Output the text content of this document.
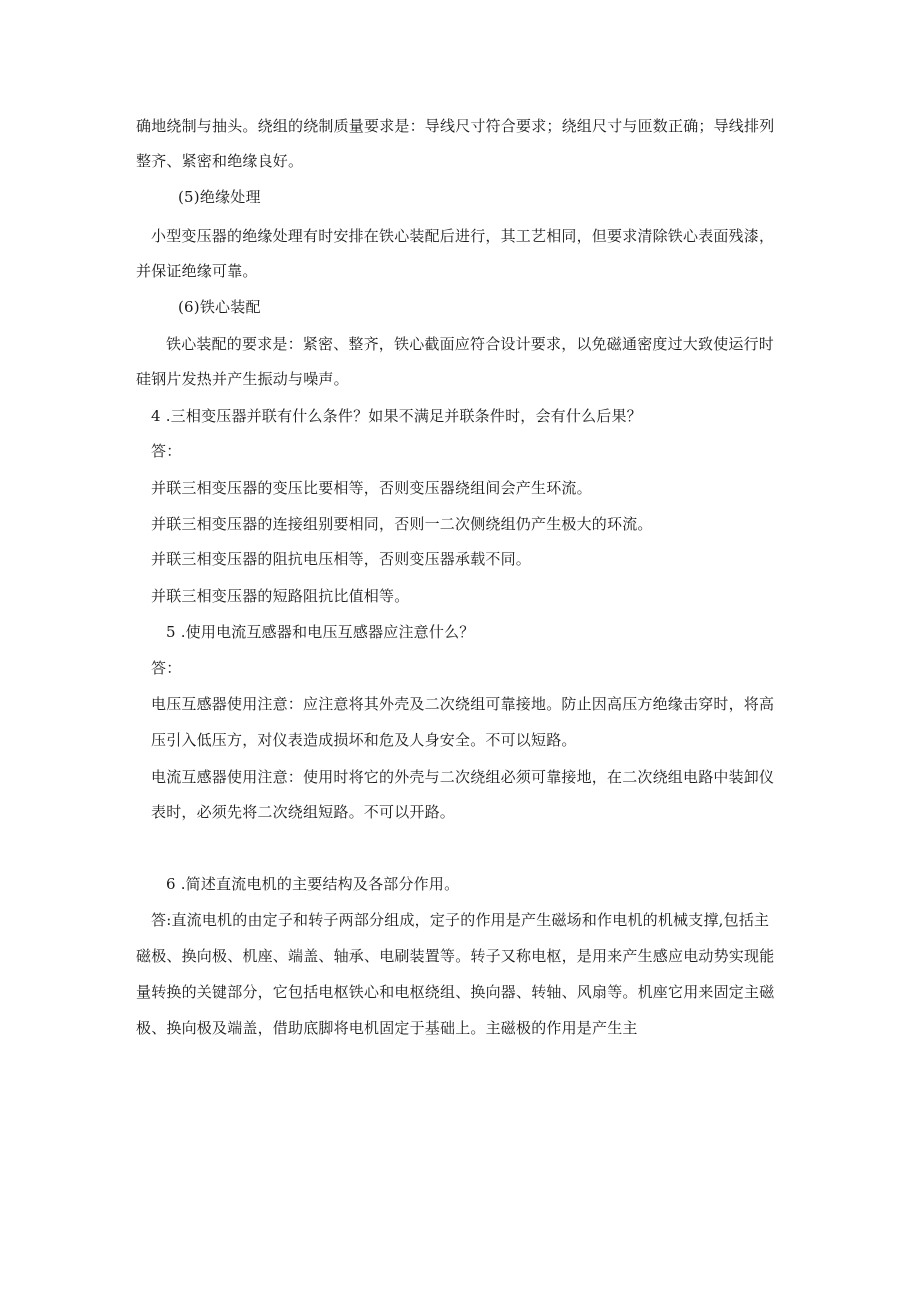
确地绕制与抽头。绕组的绕制质量要求是：导线尺寸符合要求；绕组尺寸与匝数正确；导线排列

整齐、紧密和绝缘良好。

(5)绝缘处理

小型变压器的绝缘处理有时安排在铁心装配后进行，其工艺相同，但要求清除铁心表面残漆，

并保证绝缘可靠。

(6)铁心装配

铁心装配的要求是：紧密、整齐，铁心截面应符合设计要求，以免磁通密度过大致使运行时

硅钢片发热并产生振动与噪声。

4 .三相变压器并联有什么条件？如果不满足并联条件时，会有什么后果？

答：

并联三相变压器的变压比要相等，否则变压器绕组间会产生环流。

并联三相变压器的连接组别要相同，否则一二次侧绕组仍产生极大的环流。

并联三相变压器的阻抗电压相等，否则变压器承载不同。

并联三相变压器的短路阻抗比值相等。

5 .使用电流互感器和电压互感器应注意什么？

答：

电压互感器使用注意：应注意将其外壳及二次绕组可靠接地。防止因高压方绝缘击穿时，将高

压引入低压方，对仪表造成损坏和危及人身安全。不可以短路。

电流互感器使用注意：使用时将它的外壳与二次绕组必须可靠接地，在二次绕组电路中装卸仪

表时，必须先将二次绕组短路。不可以开路。

6 .简述直流电机的主要结构及各部分作用。

答:直流电机的由定子和转子两部分组成，定子的作用是产生磁场和作电机的机械支撑,包括主

磁极、换向极、机座、端盖、轴承、电刷装置等。转子又称电枢，是用来产生感应电动势实现能

量转换的关键部分，它包括电枢铁心和电枢绕组、换向器、转轴、风扇等。机座它用来固定主磁

极、换向极及端盖，借助底脚将电机固定于基础上。主磁极的作用是产生主
